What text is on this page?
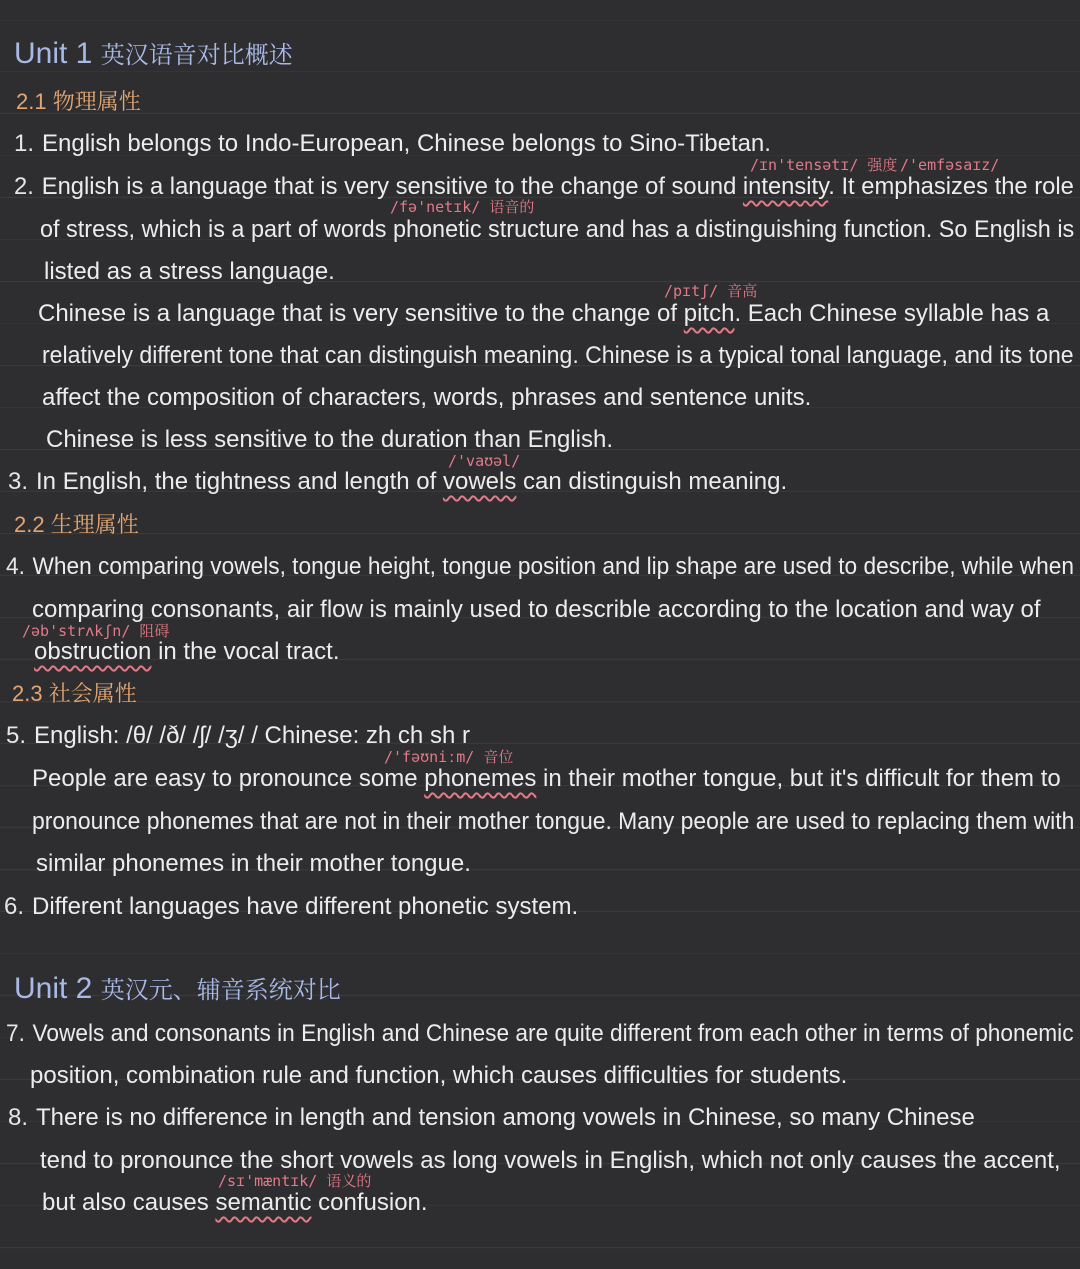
Unit 1 英汉语音对比概述
2.1 物理属性
1. English belongs to Indo-European, Chinese belongs to Sino-Tibetan.
/ɪn'tensətɪ/ 强度 /'emfəsaɪz/
2. English is a language that is very sensitive to the change of sound intensity. It emphasizes the role
/fə'netɪk/ 语音的
of stress, which is a part of words phonetic structure and has a distinguishing function. So English is
listed as a stress language.
/pɪtʃ/ 音高
Chinese is a language that is very sensitive to the change of pitch. Each Chinese syllable has a
relatively different tone that can distinguish meaning. Chinese is a typical tonal language, and its tone
affect the composition of characters, words, phrases and sentence units.
Chinese is less sensitive to the duration than English.
/'vaʊəl/
3. In English, the tightness and length of vowels can distinguish meaning.
2.2 生理属性
4. When comparing vowels, tongue height, tongue position and lip shape are used to describe, while when
comparing consonants, air flow is mainly used to describle according to the location and way of
/əb'strʌkʃn/ 阻碍
obstruction in the vocal tract.
2.3 社会属性
5. English: /θ/ /ð/ /ʃ/ /ʒ/ / Chinese: zh ch sh r
/'fəʊniːm/ 音位
People are easy to pronounce some phonemes in their mother tongue, but it's difficult for them to
pronounce phonemes that are not in their mother tongue. Many people are used to replacing them with
similar phonemes in their mother tongue.
6. Different languages have different phonetic system.
Unit 2 英汉元、辅音系统对比
7. Vowels and consonants in English and Chinese are quite different from each other in terms of phonemic
position, combination rule and function, which causes difficulties for students.
8. There is no difference in length and tension among vowels in Chinese, so many Chinese
tend to pronounce the short vowels as long vowels in English, which not only causes the accent,
/sɪ'mæntɪk/ 语义的
but also causes semantic confusion.
